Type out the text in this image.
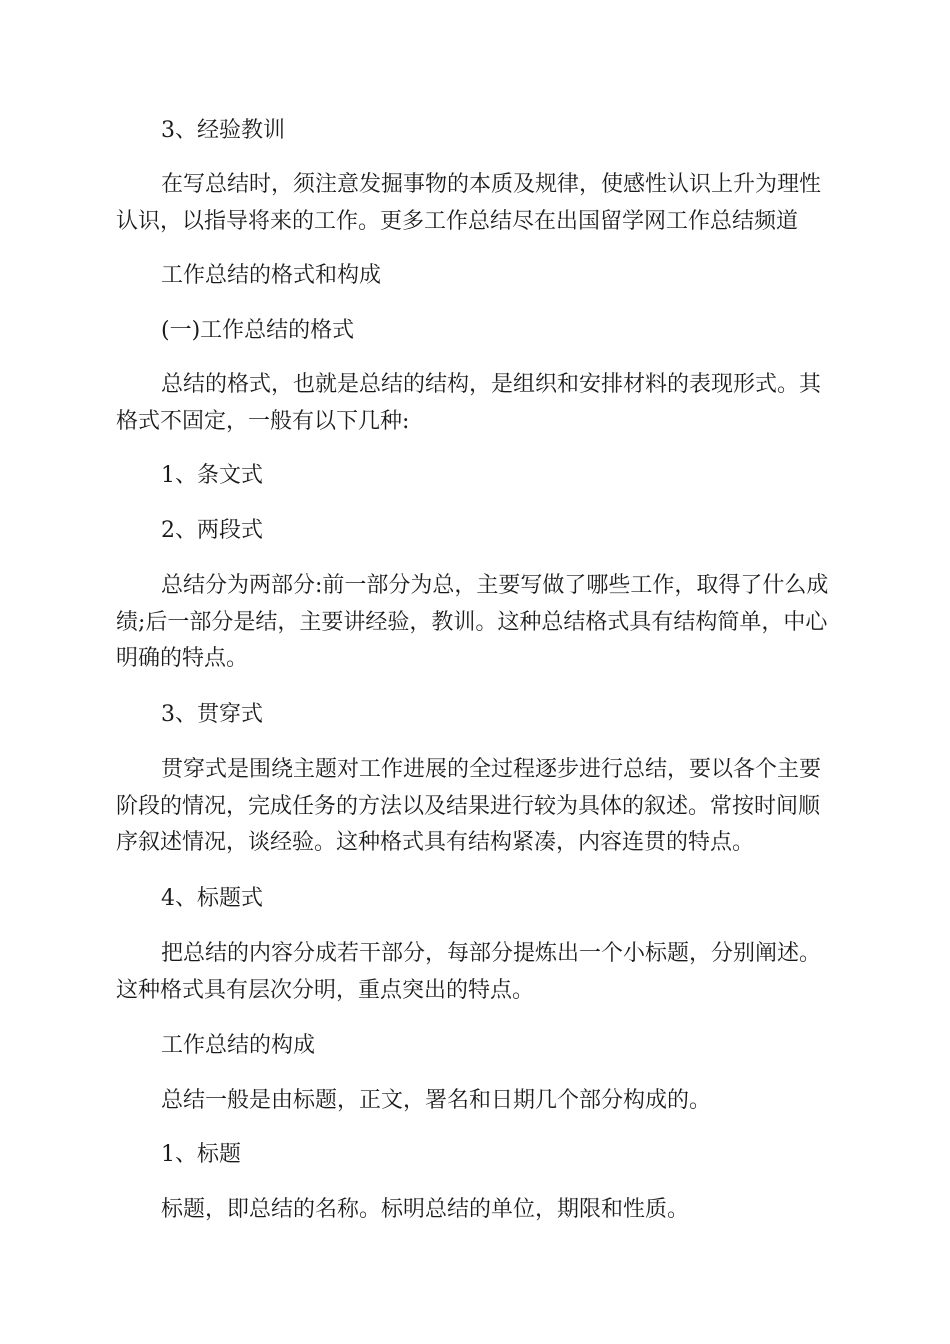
3、经验教训

在写总结时，须注意发掘事物的本质及规律，使感性认识上升为理性认识，以指导将来的工作。更多工作总结尽在出国留学网工作总结频道

工作总结的格式和构成

(一)工作总结的格式

总结的格式，也就是总结的结构，是组织和安排材料的表现形式。其格式不固定，一般有以下几种:

1、条文式

2、两段式

总结分为两部分:前一部分为总，主要写做了哪些工作，取得了什么成绩;后一部分是结，主要讲经验，教训。这种总结格式具有结构简单，中心明确的特点。

3、贯穿式

贯穿式是围绕主题对工作进展的全过程逐步进行总结，要以各个主要阶段的情况，完成任务的方法以及结果进行较为具体的叙述。常按时间顺序叙述情况，谈经验。这种格式具有结构紧凑，内容连贯的特点。

4、标题式

把总结的内容分成若干部分，每部分提炼出一个小标题，分别阐述。这种格式具有层次分明，重点突出的特点。

工作总结的构成

总结一般是由标题，正文，署名和日期几个部分构成的。

1、标题

标题，即总结的名称。标明总结的单位，期限和性质。
